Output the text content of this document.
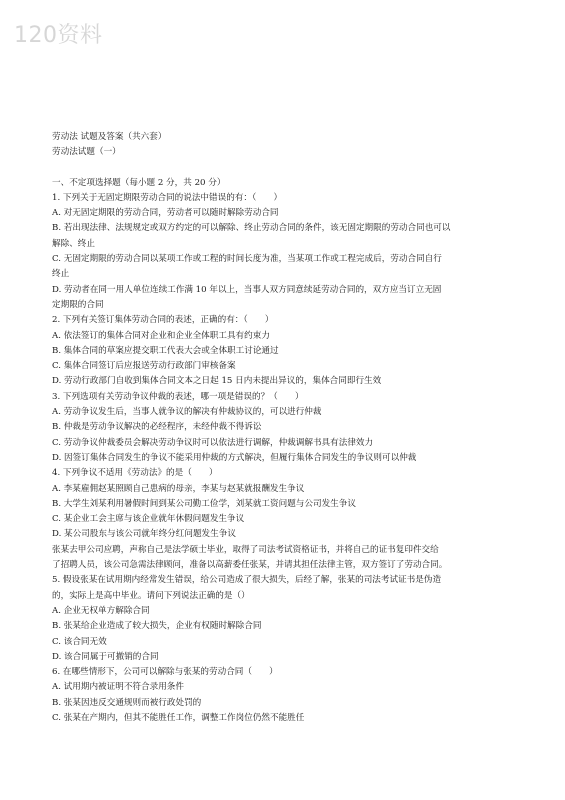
120资料

劳动法 试题及答案（共六套）

劳动法试题（一）

一、不定项选择题（每小题 2 分，共 20 分）

1. 下列关于无固定期限劳动合同的说法中错误的有：（　　）

A. 对无固定期限的劳动合同，劳动者可以随时解除劳动合同

B. 若出现法律、法规规定或双方约定的可以解除、终止劳动合同的条件，该无固定期限的劳动合同也可以

解除、终止

C. 无固定期限的劳动合同以某项工作或工程的时间长度为准，当某项工作或工程完成后，劳动合同自行

终止

D. 劳动者在同一用人单位连续工作满 10 年以上，当事人双方同意续延劳动合同的，双方应当订立无固

定期限的合同

2. 下列有关签订集体劳动合同的表述，正确的有：（　　）

A. 依法签订的集体合同对企业和企业全体职工具有约束力

B. 集体合同的草案应提交职工代表大会或全体职工讨论通过

C. 集体合同签订后应报送劳动行政部门审核备案

D. 劳动行政部门自收到集体合同文本之日起 15 日内未提出异议的，集体合同即行生效

3. 下列选项有关劳动争议仲裁的表述，哪一项是错误的？（　　）

A. 劳动争议发生后，当事人就争议的解决有仲裁协议的，可以进行仲裁

B. 仲裁是劳动争议解决的必经程序，未经仲裁不得诉讼

C. 劳动争议仲裁委员会解决劳动争议时可以依法进行调解，仲裁调解书具有法律效力

D. 因签订集体合同发生的争议不能采用仲裁的方式解决，但履行集体合同发生的争议则可以仲裁

4. 下列争议不适用《劳动法》的是（　　）

A. 李某雇佣赵某照顾自己患病的母亲，李某与赵某就报酬发生争议

B. 大学生刘某利用暑假时间到某公司勤工俭学，刘某就工资问题与公司发生争议

C. 某企业工会主席与该企业就年休假问题发生争议

D. 某公司股东与该公司就年终分红问题发生争议

张某去甲公司应聘，声称自己是法学硕士毕业，取得了司法考试资格证书，并将自己的证书复印件交给

了招聘人员，该公司急需法律顾问，准备以高薪委任张某，并请其担任法律主管，双方签订了劳动合同。

5. 假设张某在试用期内经常发生错误，给公司造成了很大损失，后经了解，张某的司法考试证书是伪造

的，实际上是高中毕业。请问下列说法正确的是（）

A. 企业无权单方解除合同

B. 张某给企业造成了较大损失，企业有权随时解除合同

C. 该合同无效

D. 该合同属于可撤销的合同

6. 在哪些情形下，公司可以解除与张某的劳动合同（　　）

A. 试用期内被证明不符合录用条件

B. 张某因违反交通规则而被行政处罚的

C. 张某在产期内，但其不能胜任工作，调整工作岗位仍然不能胜任
